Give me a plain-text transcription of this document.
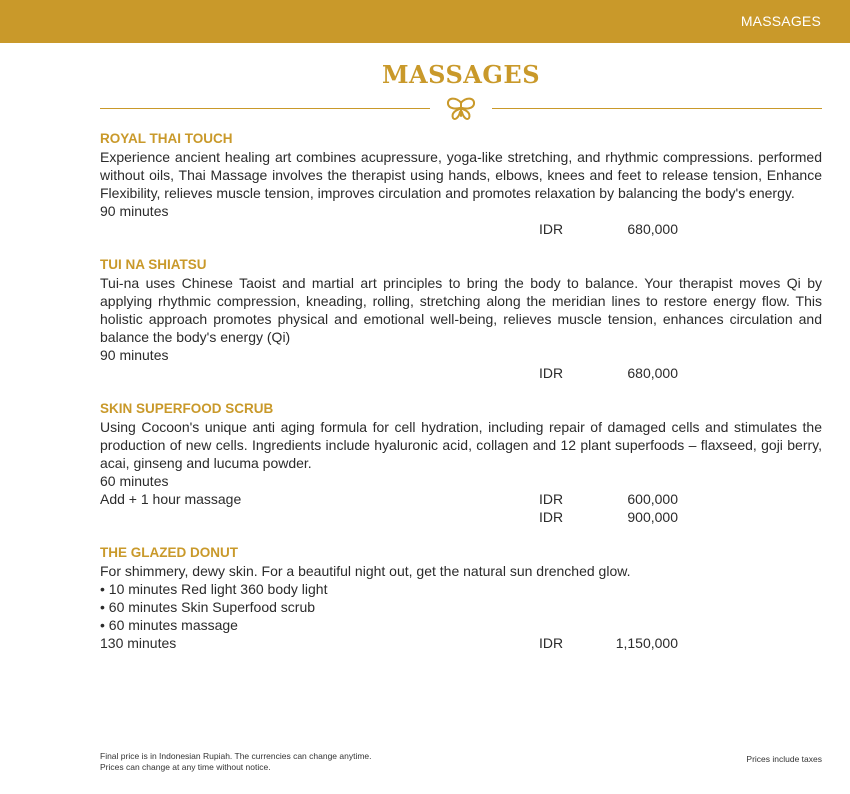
MASSAGES
MASSAGES
ROYAL THAI TOUCH
Experience ancient healing art combines acupressure, yoga-like stretching, and rhythmic compressions. performed without oils, Thai Massage involves the therapist using hands, elbows, knees and feet to release tension, Enhance Flexibility, relieves muscle tension, improves circulation and promotes relaxation by balancing the body's energy.
90 minutes
IDR	680,000
TUI NA SHIATSU
Tui-na uses Chinese Taoist and martial art principles to bring the body to balance. Your therapist moves Qi by applying rhythmic compression, kneading, rolling, stretching along the meridian lines to restore energy flow. This holistic approach promotes physical and emotional well-being, relieves muscle tension, enhances circulation and balance the body's energy (Qi)
90 minutes
IDR	680,000
SKIN SUPERFOOD SCRUB
Using Cocoon's unique anti aging formula for cell hydration, including repair of damaged cells and stimulates the production of new cells. Ingredients include hyaluronic acid, collagen and 12 plant superfoods – flaxseed, goji berry, acai, ginseng and lucuma powder.
60 minutes
Add + 1 hour massage	IDR	600,000
IDR	900,000
THE GLAZED DONUT
For shimmery, dewy skin. For a beautiful night out, get the natural sun drenched glow.
• 10 minutes Red light 360 body light
• 60 minutes Skin Superfood scrub
• 60 minutes massage
130 minutes	IDR	1,150,000
Final price is in Indonesian Rupiah. The currencies can change anytime.
Prices can change at any time without notice.
Prices include taxes
